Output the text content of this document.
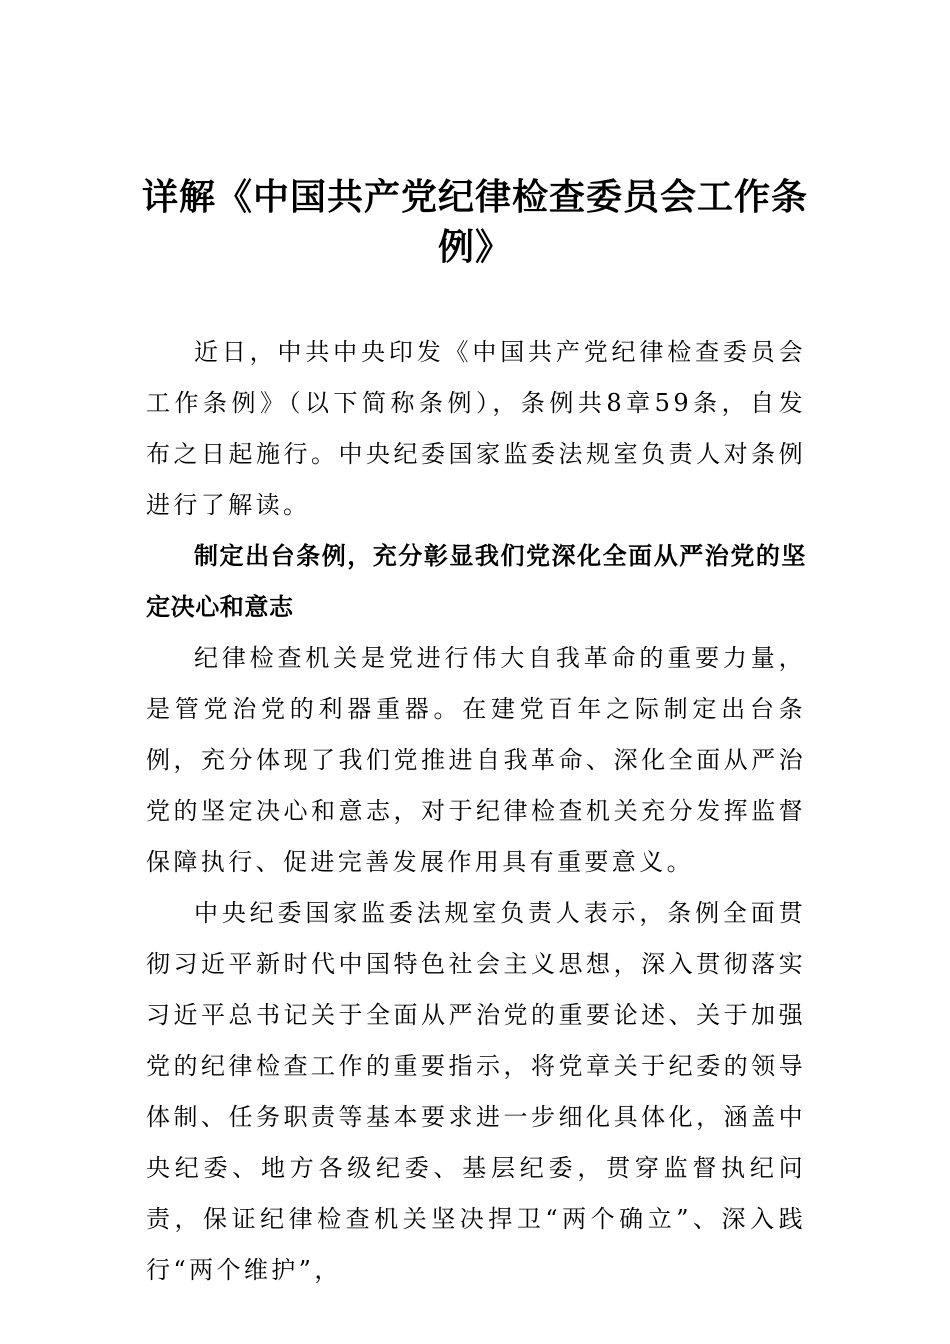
详解《中国共产党纪律检查委员会工作条例》

近日，中共中央印发《中国共产党纪律检查委员会工作条例》（以下简称条例），条例共8章59条，自发布之日起施行。中央纪委国家监委法规室负责人对条例进行了解读。

制定出台条例，充分彰显我们党深化全面从严治党的坚定决心和意志

纪律检查机关是党进行伟大自我革命的重要力量，是管党治党的利器重器。在建党百年之际制定出台条例，充分体现了我们党推进自我革命、深化全面从严治党的坚定决心和意志，对于纪律检查机关充分发挥监督保障执行、促进完善发展作用具有重要意义。

中央纪委国家监委法规室负责人表示，条例全面贯彻习近平新时代中国特色社会主义思想，深入贯彻落实习近平总书记关于全面从严治党的重要论述、关于加强党的纪律检查工作的重要指示，将党章关于纪委的领导体制、任务职责等基本要求进一步细化具体化，涵盖中央纪委、地方各级纪委、基层纪委，贯穿监督执纪问责，保证纪律检查机关坚决捍卫“两个确立”、深入践行“两个维护”，
